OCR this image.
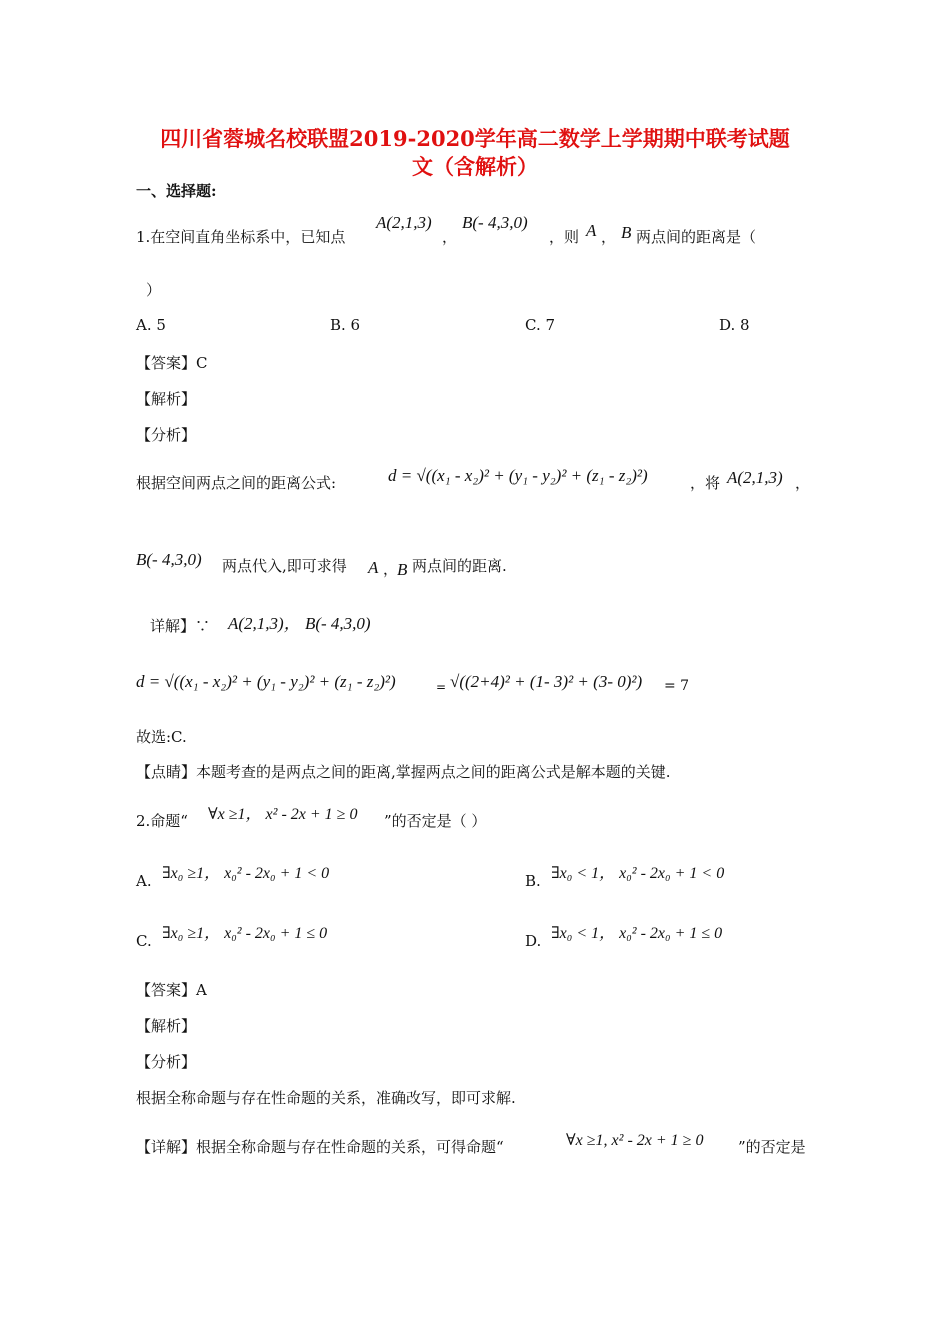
四川省蓉城名校联盟2019-2020学年高二数学上学期期中联考试题
文（含解析）
一、选择题:
1.在空间直角坐标系中，已知点
A(2,1,3)
，
B(- 4,3,0)
，则 A ， B 两点间的距离是（
）
A. 5	B. 6	C. 7	D. 8
【答案】C
【解析】
【分析】
根据空间两点之间的距离公式:	d = √((x₁ - x₂)² + (y₁ - y₂)² + (z₁ - z₂)²)	，将 A(2,1,3) ，
B(- 4,3,0) 两点代入,即可求得 A ，
B 两点间的距离.
详解】∵ A(2,1,3)， B(- 4,3,0)
d = √((x₁ - x₂)² + (y₁ - y₂)² + (z₁ - z₂)²)	= √((2+4)² + (1- 3)² + (3- 0)²) = 7
故选:C.
【点睛】本题考查的是两点之间的距离,掌握两点之间的距离公式是解本题的关键.
2.命题“ ∀x ≥1， x² - 2x + 1 ≥ 0 ”的否定是（ ）
A. ∃x₀ ≥1， x₀² - 2x₀ + 1 < 0	B. ∃x₀ < 1， x₀² - 2x₀ + 1 < 0
C. ∃x₀ ≥1， x₀² - 2x₀ + 1 ≤ 0	D. ∃x₀ < 1， x₀² - 2x₀ + 1 ≤ 0
【答案】A
【解析】
【分析】
根据全称命题与存在性命题的关系，准确改写，即可求解.
【详解】根据全称命题与存在性命题的关系，可得命题“	∀x ≥1, x² - 2x + 1 ≥ 0 ”的否定是
